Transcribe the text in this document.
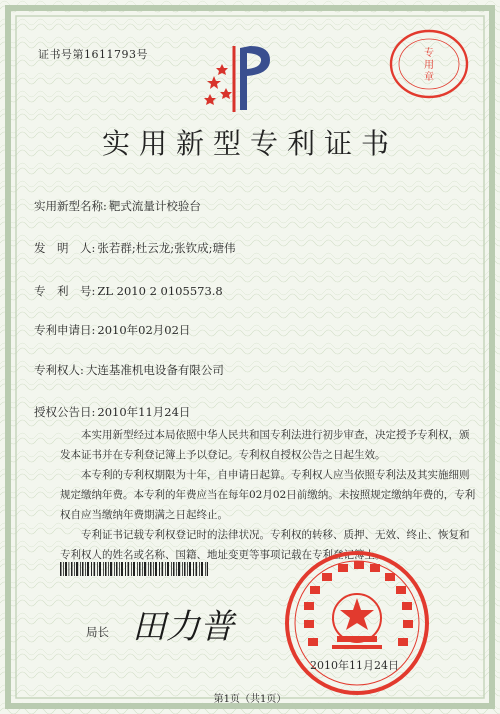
证书号第1611793号	专
用
章
实用新型专利证书
实用新型名称: 靶式流量计校验台
发　明　人: 张若群;杜云龙;张钦成;瑭伟
专　利　号: ZL 2010 2 0105573.8
专利申请日: 2010年02月02日
专利权人: 大连基准机电设备有限公司
授权公告日: 2010年11月24日
　　本实用新型经过本局依照中华人民共和国专利法进行初步审查，决定授予专利权，颁
发本证书并在专利登记簿上予以登记。专利权自授权公告之日起生效。
　　本专利的专利权期限为十年，自申请日起算。专利权人应当依照专利法及其实施细则
规定缴纳年费。本专利的年费应当在每年02月02日前缴纳。未按照规定缴纳年费的，专利
权自应当缴纳年费期满之日起终止。
　　专利证书记载专利权登记时的法律状况。专利权的转移、质押、无效、终止、恢复和
专利权人的姓名或名称、国籍、地址变更等事项记载在专利登记簿上。
局长 田力普
2010年11月24日
第1页（共1页）
